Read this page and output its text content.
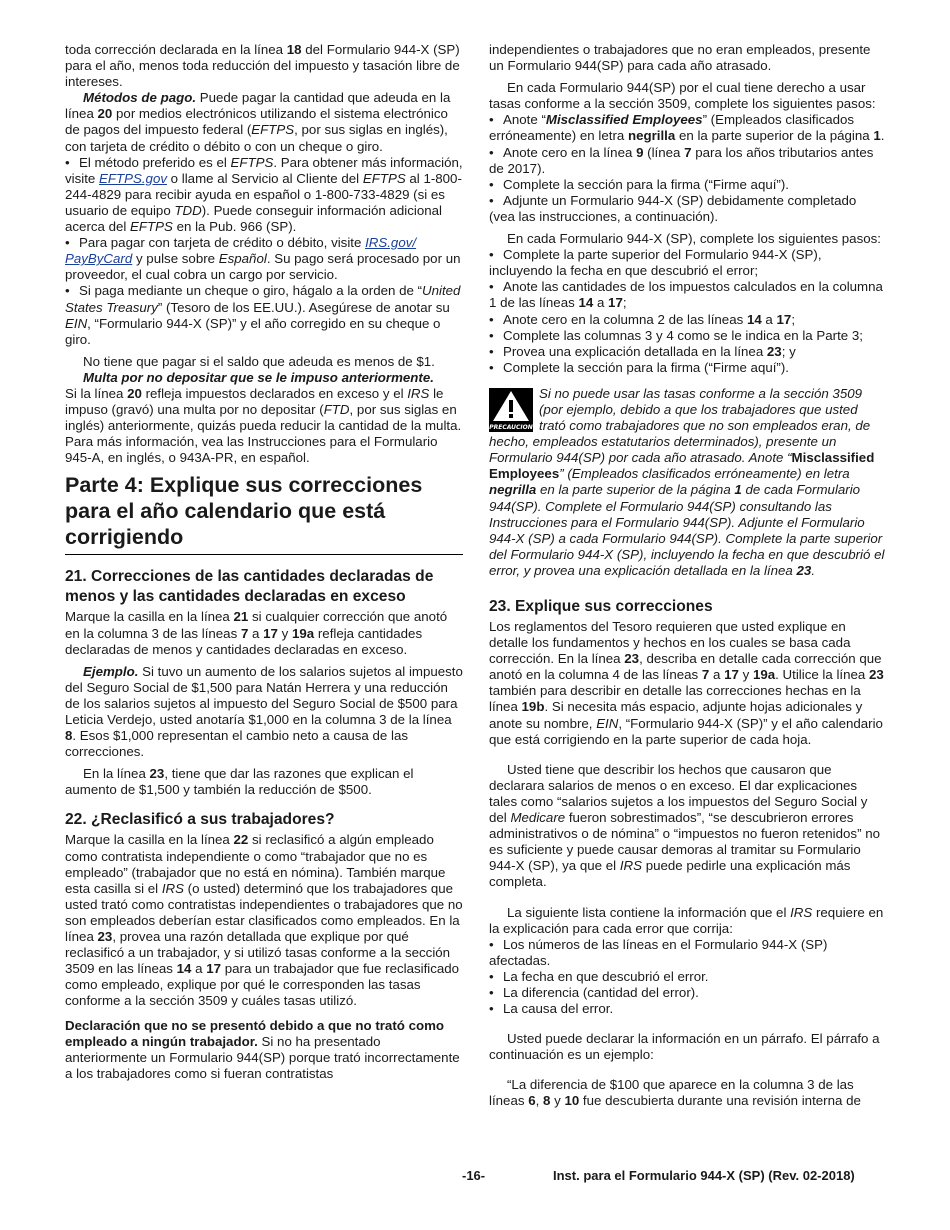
toda corrección declarada en la línea 18 del Formulario 944-X (SP) para el año, menos toda reducción del impuesto y tasación libre de intereses.

Métodos de pago. Puede pagar la cantidad que adeuda en la línea 20 por medios electrónicos utilizando el sistema electrónico de pagos del impuesto federal (EFTPS, por sus siglas en inglés), con tarjeta de crédito o débito o con un cheque o giro.

• El método preferido es el EFTPS. Para obtener más información, visite EFTPS.gov o llame al Servicio al Cliente del EFTPS al 1-800-244-4829 para recibir ayuda en español o 1-800-733-4829 (si es usuario de equipo TDD). Puede conseguir información adicional acerca del EFTPS en la Pub. 966 (SP).

• Para pagar con tarjeta de crédito o débito, visite IRS.gov/
PayByCard y pulse sobre Español. Su pago será procesado por un proveedor, el cual cobra un cargo por servicio.

• Si paga mediante un cheque o giro, hágalo a la orden de “United States Treasury” (Tesoro de los EE.UU.). Asegúrese de anotar su EIN, “Formulario 944-X (SP)” y el año corregido en su cheque o giro.

No tiene que pagar si el saldo que adeuda es menos de $1.

Multa por no depositar que se le impuso anteriormente.

Si la línea 20 refleja impuestos declarados en exceso y el IRS le impuso (gravó) una multa por no depositar (FTD, por sus siglas en inglés) anteriormente, quizás pueda reducir la cantidad de la multa. Para más información, vea las Instrucciones para el Formulario 945-A, en inglés, o 943A-PR, en español.

Parte 4: Explique sus correcciones para el año calendario que está corrigiendo
21. Correcciones de las cantidades declaradas de menos y las cantidades declaradas en exceso

Marque la casilla en la línea 21 si cualquier corrección que anotó en la columna 3 de las líneas 7 a 17 y 19a refleja cantidades declaradas de menos y cantidades declaradas en exceso.

Ejemplo. Si tuvo un aumento de los salarios sujetos al impuesto del Seguro Social de $1,500 para Natán Herrera y una reducción de los salarios sujetos al impuesto del Seguro Social de $500 para Leticia Verdejo, usted anotaría $1,000 en la columna 3 de la línea 8. Esos $1,000 representan el cambio neto a causa de las correcciones.

En la línea 23, tiene que dar las razones que explican el aumento de $1,500 y también la reducción de $500.

22. ¿Reclasificó a sus trabajadores?

Marque la casilla en la línea 22 si reclasificó a algún empleado como contratista independiente o como “trabajador que no es empleado” (trabajador que no está en nómina). También marque esta casilla si el IRS (o usted) determinó que los trabajadores que usted trató como contratistas independientes o trabajadores que no son empleados deberían estar clasificados como empleados. En la línea 23, provea una razón detallada que explique por qué reclasificó a un trabajador, y si utilizó tasas conforme a la sección 3509 en las líneas 14 a 17 para un trabajador que fue reclasificado como empleado, explique por qué le corresponden las tasas conforme a la sección 3509 y cuáles tasas utilizó.

Declaración que no se presentó debido a que no trató como empleado a ningún trabajador. Si no ha presentado anteriormente un Formulario 944(SP) porque trató incorrectamente a los trabajadores como si fueran contratistas

independientes o trabajadores que no eran empleados, presente un Formulario 944(SP) para cada año atrasado.

En cada Formulario 944(SP) por el cual tiene derecho a usar tasas conforme a la sección 3509, complete los siguientes pasos:

• Anote “Misclassified Employees” (Empleados clasificados erróneamente) en letra negrilla en la parte superior de la página 1.

• Anote cero en la línea 9 (línea 7 para los años tributarios antes de 2017).

• Complete la sección para la firma (“Firme aquí”).

• Adjunte un Formulario 944-X (SP) debidamente completado (vea las instrucciones, a continuación).

En cada Formulario 944-X (SP), complete los siguientes pasos:

• Complete la parte superior del Formulario 944-X (SP), incluyendo la fecha en que descubrió el error;

• Anote las cantidades de los impuestos calculados en la columna 1 de las líneas 14 a 17;

• Anote cero en la columna 2 de las líneas 14 a 17;

• Complete las columnas 3 y 4 como se le indica en la Parte 3;

• Provea una explicación detallada en la línea 23; y

• Complete la sección para la firma (“Firme aquí”).

PRECAUCION
Si no puede usar las tasas conforme a la sección 3509 (por ejemplo, debido a que los trabajadores que usted trató como trabajadores que no son empleados eran, de hecho, empleados estatutarios determinados), presente un Formulario 944(SP) por cada año atrasado. Anote “Misclassified Employees” (Empleados clasificados erróneamente) en letra negrilla en la parte superior de la página 1 de cada Formulario 944(SP). Complete el Formulario 944(SP) consultando las Instrucciones para el Formulario 944(SP). Adjunte el Formulario 944-X (SP) a cada Formulario 944(SP). Complete la parte superior del Formulario 944-X (SP), incluyendo la fecha en que descubrió el error, y provea una explicación detallada en la línea 23.
23. Explique sus correcciones

Los reglamentos del Tesoro requieren que usted explique en detalle los fundamentos y hechos en los cuales se basa cada corrección. En la línea 23, describa en detalle cada corrección que anotó en la columna 4 de las líneas 7 a 17 y 19a. Utilice la línea 23 también para describir en detalle las correcciones hechas en la línea 19b. Si necesita más espacio, adjunte hojas adicionales y anote su nombre, EIN, “Formulario 944-X (SP)” y el año calendario que está corrigiendo en la parte superior de cada hoja.

Usted tiene que describir los hechos que causaron que declarara salarios de menos o en exceso. El dar explicaciones tales como “salarios sujetos a los impuestos del Seguro Social y del Medicare fueron sobrestimados”, “se descubrieron errores administrativos o de nómina” o “impuestos no fueron retenidos” no es suficiente y puede causar demoras al tramitar su Formulario 944-X (SP), ya que el IRS puede pedirle una explicación más completa.

La siguiente lista contiene la información que el IRS requiere en la explicación para cada error que corrija:

• Los números de las líneas en el Formulario 944-X (SP) afectadas.

• La fecha en que descubrió el error.

• La diferencia (cantidad del error).

• La causa del error.

Usted puede declarar la información en un párrafo. El párrafo a continuación es un ejemplo:

“La diferencia de $100 que aparece en la columna 3 de las líneas 6, 8 y 10 fue descubierta durante una revisión interna de

-16-	Inst. para el Formulario 944-X (SP) (Rev. 02-2018)
